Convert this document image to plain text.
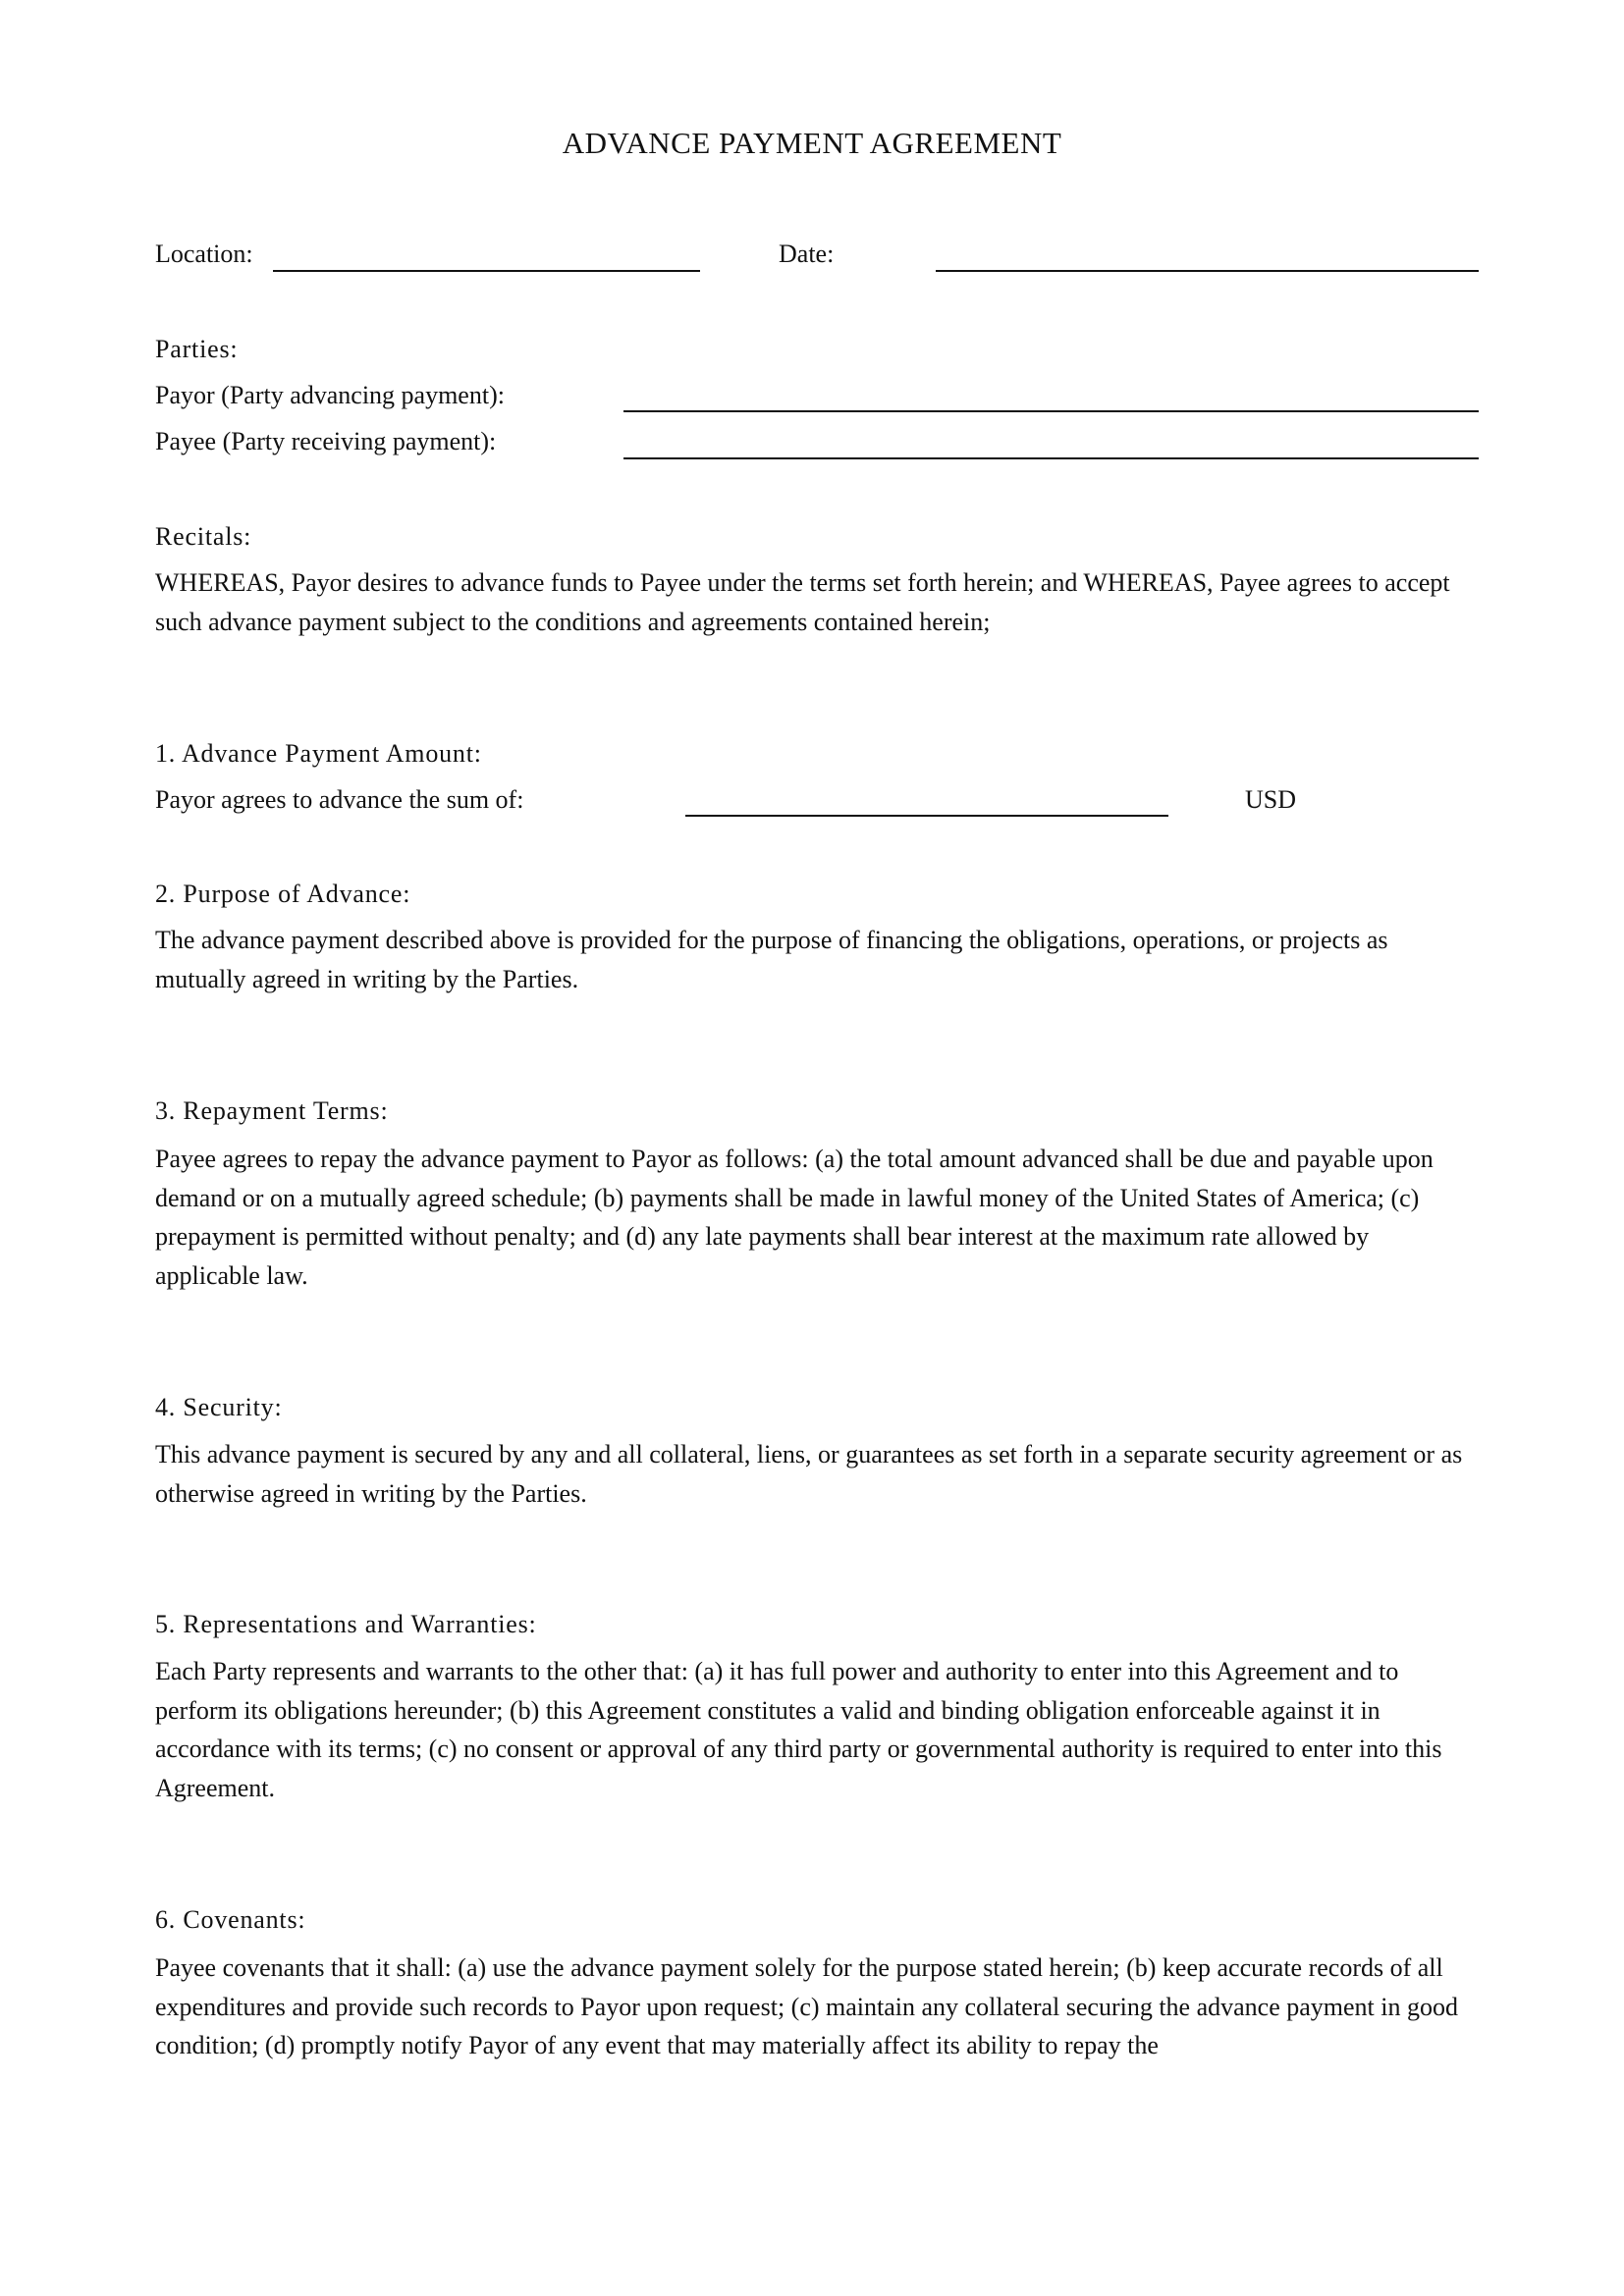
ADVANCE PAYMENT AGREEMENT
Location:	Date:
Parties:
Payor (Party advancing payment):
Payee (Party receiving payment):
Recitals:
WHEREAS, Payor desires to advance funds to Payee under the terms set forth herein; and WHEREAS, Payee agrees to accept such advance payment subject to the conditions and agreements contained herein;
1. Advance Payment Amount:
Payor agrees to advance the sum of:	USD
2. Purpose of Advance:
The advance payment described above is provided for the purpose of financing the obligations, operations, or projects as mutually agreed in writing by the Parties.
3. Repayment Terms:
Payee agrees to repay the advance payment to Payor as follows: (a) the total amount advanced shall be due and payable upon demand or on a mutually agreed schedule; (b) payments shall be made in lawful money of the United States of America; (c) prepayment is permitted without penalty; and (d) any late payments shall bear interest at the maximum rate allowed by applicable law.
4. Security:
This advance payment is secured by any and all collateral, liens, or guarantees as set forth in a separate security agreement or as otherwise agreed in writing by the Parties.
5. Representations and Warranties:
Each Party represents and warrants to the other that: (a) it has full power and authority to enter into this Agreement and to perform its obligations hereunder; (b) this Agreement constitutes a valid and binding obligation enforceable against it in accordance with its terms; (c) no consent or approval of any third party or governmental authority is required to enter into this Agreement.
6. Covenants:
Payee covenants that it shall: (a) use the advance payment solely for the purpose stated herein; (b) keep accurate records of all expenditures and provide such records to Payor upon request; (c) maintain any collateral securing the advance payment in good condition; (d) promptly notify Payor of any event that may materially affect its ability to repay the
